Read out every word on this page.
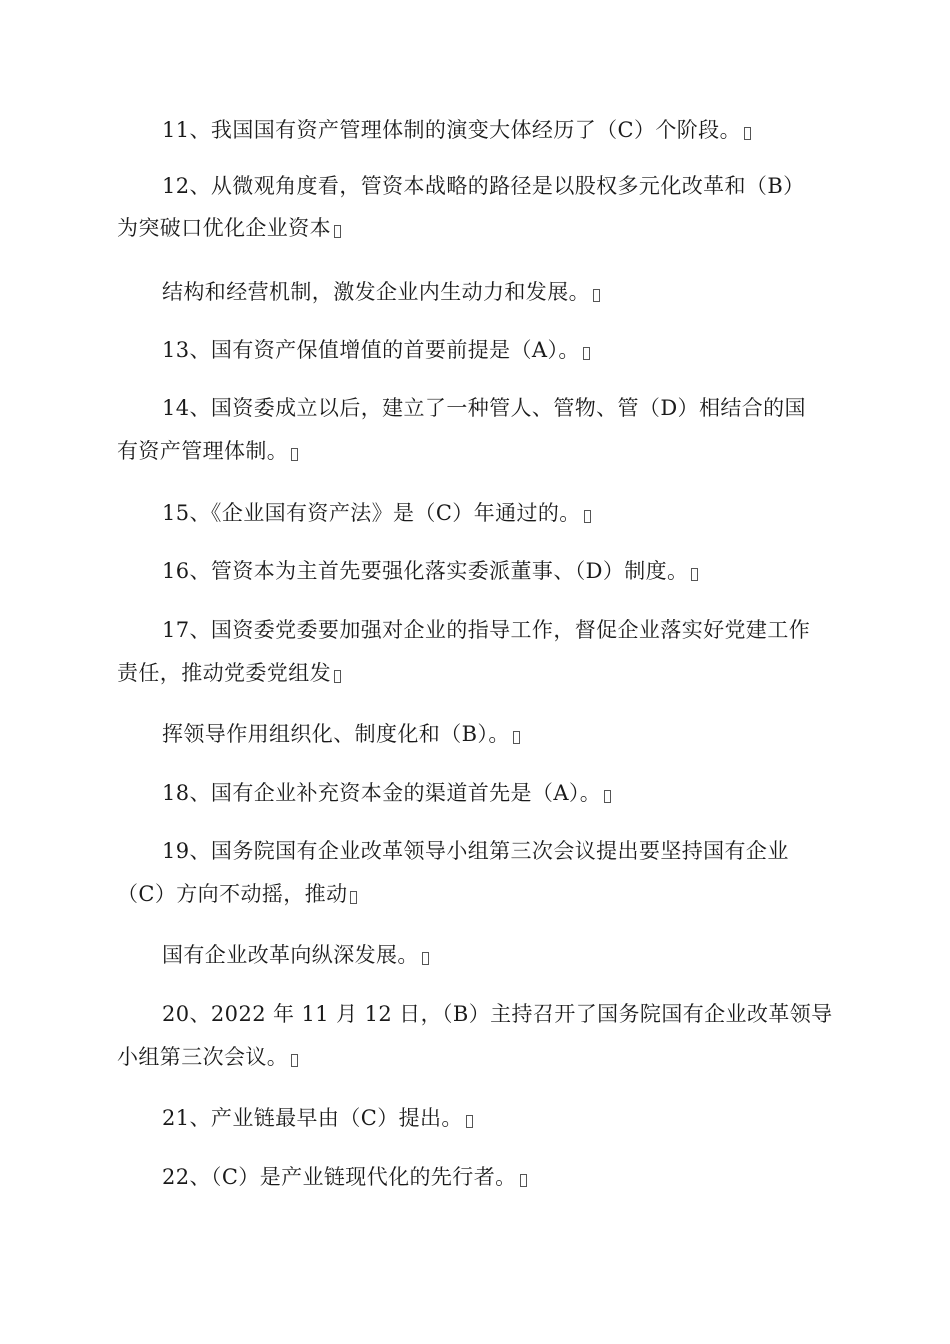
11、我国国有资产管理体制的演变大体经历了（C）个阶段。
12、从微观角度看，管资本战略的路径是以股权多元化改革和（B）
为突破口优化企业资本
结构和经营机制，激发企业内生动力和发展。
13、国有资产保值增值的首要前提是（A）。
14、国资委成立以后，建立了一种管人、管物、管（D）相结合的国
有资产管理体制。
15、《企业国有资产法》是（C）年通过的。
16、管资本为主首先要强化落实委派董事、（D）制度。
17、国资委党委要加强对企业的指导工作，督促企业落实好党建工作
责任，推动党委党组发
挥领导作用组织化、制度化和（B）。
18、国有企业补充资本金的渠道首先是（A）。
19、国务院国有企业改革领导小组第三次会议提出要坚持国有企业
（C）方向不动摇，推动
国有企业改革向纵深发展。
20、2022 年 11 月 12 日，（B）主持召开了国务院国有企业改革领导
小组第三次会议。
21、产业链最早由（C）提出。
22、（C）是产业链现代化的先行者。
